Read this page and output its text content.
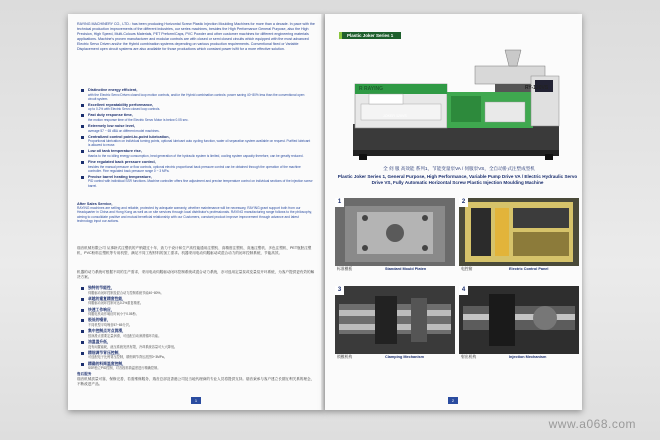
RAYING MACHINERY CO., LTD.: has been producing Horizontal Screw Plastic Injection Moulding Machines for more than a decade. In pace with the technical production improvements of the different industries, our series machines, besides the High Performance General Purpose, also the High Precision, High Speed, Multi-Colours Materials, PET Preform/Caps, PVC Powder and other customer machines for different engineering materials applications. Machine's proven manufacturer and modular controls are with closed or semi closed circuits which equipped with the most advanced Electric Servo Driven and/or the Hybrid combination systems depending on various production requirements. Conventional fixed or Variable Displacement open circuit systems are also available for those productions which constant power is/fit for a more effective solution.
Distinctive energy efficient,
with the Electric Servo Driven closed loop motion controls, and/or the Hybrid combination controls: power saving 40~80% less than the conventional open circuit system.
Excellent repeatability performance,
up to 0.2% with Electric Servo closed loop controls.
Fast duty response time,
the motion response time of the Electric Servo Motor is below 0.05 sec.
Extremely low noise level,
average 57 ~ 65 dBA on different model machines.
Centralized control point-to-point lubrication,
Proportional lubrication on individual turning points, optional lubricant auto cycling function, water oil separation system available on request. Purified lubricant is allowed to reuse.
Low oil tank temperature rise,
thanks to the no idling energy consumption, heat generation of the hydraulic system is limited, cooling system capacity therefore, can be greatly reduced.
Fine regulated back pressure control,
besides the manual pressure or flow controls, optional electric proportional back pressure control can be obtained through the operation of the machine controller. Fine regulated back pressure range 0 ~ 3 MPa.
Precise barrel heating temperature,
PID control with individual SSR functions. Machine controller offers fine adjustment and precise temperature control on individual sections of the injection screw barrel.
After Sales Service,
RAYING machines are selling and reliable, protected by adequate warranty, whether maintenance will be necessary, RAYING grant support both from our Headquarter in China and Hong Kong as well as on site services through local distributor's professionals. RAYING manufacturing range follows to the philosophy, aiming to consolidate positive and mutual beneficial relationship with our Customers, constant product improve improvement through advance and latest technology input our actions.
瑞音机械有限公司 从事卧式注塑机的产销超过十年，致力于设计和生产高性能通用注塑机、高精度注塑机、高速注塑机、多色注塑机、PET瓶胚注塑机、PVC粉料注塑机等专用机型，满足不同工程材料的加工需求。机器采用电动伺服驱动或混合动力的闭环控制系统，节能高效。
机器的动力系统可根据不同的生产需求，采用电动伺服驱动闭环控制系统或混合动力系统，亦可选用定量泵或变量泵开环系统，为客户提供更有效的解决方案。
独特的节能性，
伺服驱动闭环控制及混合动力控制系统节能40~80%。
卓越的重复精度性能，
伺服驱动闭环控制可达0.2%重复精度。
快速工作响应，
伺服电机动作响应时间小于0.05秒。
极低的噪音，
不同机型平均噪音57~65分贝。
集中控制点对点润滑，
按润滑点需要定量润滑，可选配自动润滑循环功能。
油温温升低，
没有闲置能耗，液压系统发热有限，冷却系统容量可大大降低。
精细调节背压控制，
可选配电子比例背压控制，精细调节背压范围0~3MPa。
精确的料筒温度控制，
SSR独立PID控制，对各段料筒温度进行精确控制。
售后服务
瑞音机械质量可靠，保修完善，若需维修服务，瑞音总部及香港公司及当地代理商的专业人员将提供支持。瑞音秉承与客户建立长期互利关系的理念，不断改进产品。
1
Plastic Joker Series 1
R RAYING
JOKER 120VS
RY-120VS
全 伺 服 高效能 系列1，节能变量泵VA / 伺服泵VS，全自动卧式注塑成型机
Plastic Joker Series 1, General Purpose, High Performance, Variable Pump Drive VA / Electric Hydraulic Servo Drive VS, Fully Automatic Horizontal Screw Plastic Injection Moulding Machine
1	2
标准模板	Standard Mould Platen	电控箱	Electric Control Panel
3	4
锁模机构	Clamping Mechanism	射出机构	Injection Mechanism
2
www.a068.com
